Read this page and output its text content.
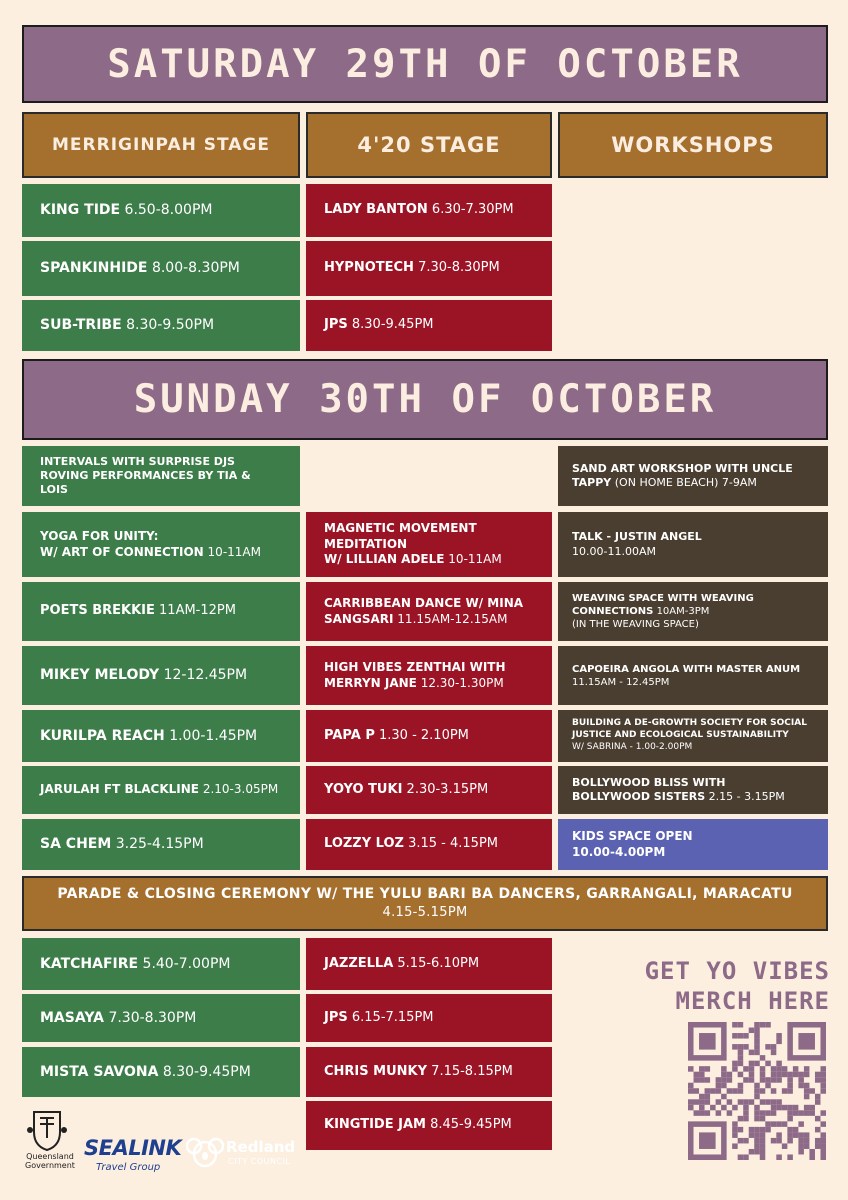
SATURDAY 29TH OF OCTOBER
MERRIGINPAH STAGE	4'20 STAGE	WORKSHOPS
KING TIDE 6.50-8.00PM
SPANKINHIDE 8.00-8.30PM
SUB-TRIBE 8.30-9.50PM
LADY BANTON 6.30-7.30PM
HYPNOTECH 7.30-8.30PM
JPS 8.30-9.45PM
SUNDAY 30TH OF OCTOBER
INTERVALS WITH SURPRISE DJS
ROVING PERFORMANCES BY TIA & LOIS
YOGA FOR UNITY:
W/ ART OF CONNECTION 10-11AM
POETS BREKKIE 11AM-12PM
MIKEY MELODY 12-12.45PM
KURILPA REACH 1.00-1.45PM
JARULAH FT BLACKLINE 2.10-3.05PM
SA CHEM 3.25-4.15PM
MAGNETIC MOVEMENT MEDITATION
W/ LILLIAN ADELE 10-11AM
CARRIBBEAN DANCE W/ MINA
SANGSARI 11.15AM-12.15AM
HIGH VIBES ZENTHAI WITH
MERRYN JANE 12.30-1.30PM
PAPA P 1.30 - 2.10PM
YOYO TUKI 2.30-3.15PM
LOZZY LOZ 3.15 - 4.15PM
SAND ART WORKSHOP WITH UNCLE
TAPPY (ON HOME BEACH) 7-9AM
TALK - JUSTIN ANGEL
10.00-11.00AM
WEAVING SPACE WITH WEAVING
CONNECTIONS 10AM-3PM
(IN THE WEAVING SPACE)
CAPOEIRA ANGOLA WITH MASTER ANUM
11.15AM - 12.45PM
BUILDING A DE-GROWTH SOCIETY FOR SOCIAL
JUSTICE AND ECOLOGICAL SUSTAINABILITY
W/ SABRINA - 1.00-2.00PM
BOLLYWOOD BLISS WITH
BOLLYWOOD SISTERS 2.15 - 3.15PM
KIDS SPACE OPEN
10.00-4.00PM
PARADE & CLOSING CEREMONY W/ THE YULU BARI BA DANCERS, GARRANGALI, MARACATU
4.15-5.15PM
KATCHAFIRE 5.40-7.00PM
MASAYA 7.30-8.30PM
MISTA SAVONA 8.30-9.45PM
JAZZELLA 5.15-6.10PM
JPS 6.15-7.15PM
CHRIS MUNKY 7.15-8.15PM
KINGTIDE JAM 8.45-9.45PM
GET YO VIBES
MERCH HERE
Queensland
Government
SEALINK
Travel Group
Redland
CITY COUNCIL
